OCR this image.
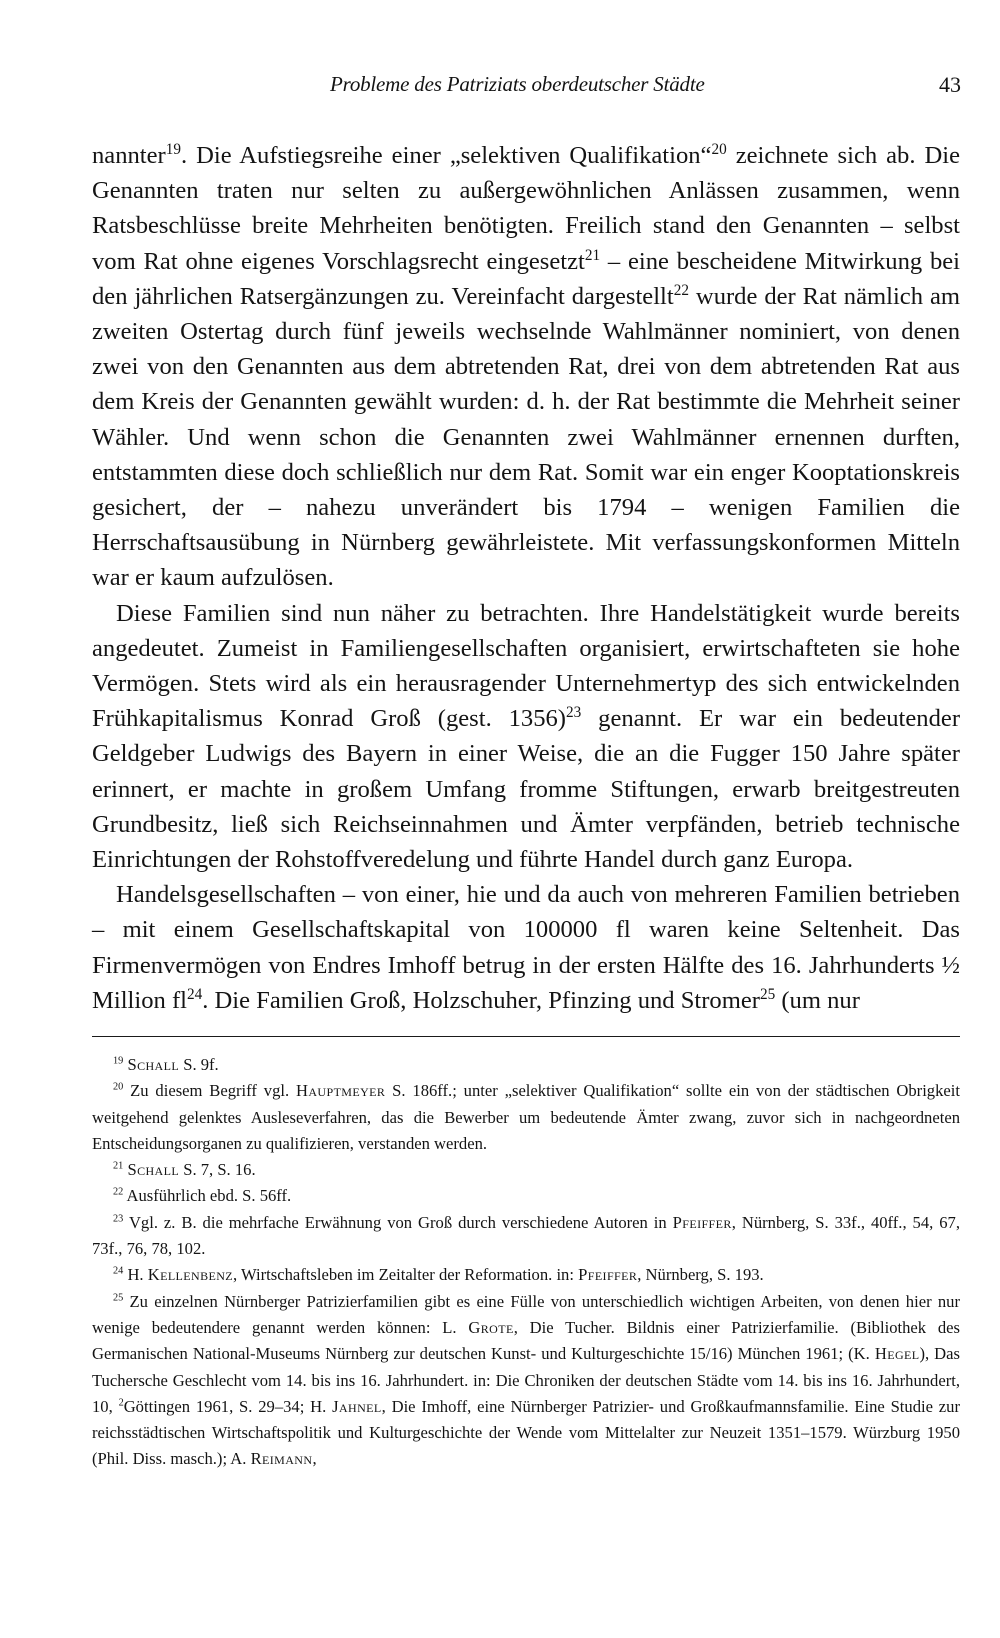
Probleme des Patriziats oberdeutscher Städte	43

nannter$^{19}$. Die Aufstiegsreihe einer „selektiven Qualifikation“$^{20}$ zeichnete sich ab. Die Genannten traten nur selten zu außergewöhnlichen Anlässen zusammen, wenn Ratsbeschlüsse breite Mehrheiten benötigten. Freilich stand den Genannten – selbst vom Rat ohne eigenes Vorschlagsrecht eingesetzt$^{21}$ – eine bescheidene Mitwirkung bei den jährlichen Ratsergänzungen zu. Vereinfacht dargestellt$^{22}$ wurde der Rat nämlich am zweiten Ostertag durch fünf jeweils wechselnde Wahlmänner nominiert, von denen zwei von den Genannten aus dem abtretenden Rat, drei von dem abtretenden Rat aus dem Kreis der Genannten gewählt wurden: d. h. der Rat bestimmte die Mehrheit seiner Wähler. Und wenn schon die Genannten zwei Wahlmänner ernennen durften, entstammten diese doch schließlich nur dem Rat. Somit war ein enger Kooptationskreis gesichert, der – nahezu unverändert bis 1794 – wenigen Familien die Herrschaftsausübung in Nürnberg gewährleistete. Mit verfassungskonformen Mitteln war er kaum aufzulösen.

Diese Familien sind nun näher zu betrachten. Ihre Handelstätigkeit wurde bereits angedeutet. Zumeist in Familiengesellschaften organisiert, erwirtschafteten sie hohe Vermögen. Stets wird als ein herausragender Unternehmertyp des sich entwickelnden Frühkapitalismus Konrad Groß (gest. 1356)$^{23}$ genannt. Er war ein bedeutender Geldgeber Ludwigs des Bayern in einer Weise, die an die Fugger 150 Jahre später erinnert, er machte in großem Umfang fromme Stiftungen, erwarb breitgestreuten Grundbesitz, ließ sich Reichseinnahmen und Ämter verpfänden, betrieb technische Einrichtungen der Rohstoffveredelung und führte Handel durch ganz Europa.

Handelsgesellschaften – von einer, hie und da auch von mehreren Familien betrieben – mit einem Gesellschaftskapital von 100000 fl waren keine Seltenheit. Das Firmenvermögen von Endres Imhoff betrug in der ersten Hälfte des 16. Jahrhunderts ½ Million $fl^{24}$. Die Familien Groß, Holzschuher, Pfinzing und Stromer$^{25}$ (um nur

$^{19}$ Schall S. 9f.

$^{20}$ Zu diesem Begriff vgl. Hauptmeyer S. 186ff.; unter „selektiver Qualifikation“ sollte ein von der städtischen Obrigkeit weitgehend gelenktes Ausleseverfahren, das die Bewerber um bedeutende Ämter zwang, zuvor sich in nachgeordneten Entscheidungsorganen zu qualifizieren, verstanden werden.

$^{21}$ Schall S. 7, S. 16.

$^{22}$ Ausführlich ebd. S. 56ff.

$^{23}$ Vgl. z. B. die mehrfache Erwähnung von Groß durch verschiedene Autoren in Pfeiffer, Nürnberg, S. 33f., 40ff., 54, 67, 73f., 76, 78, 102.

$^{24}$ H. Kellenbenz, Wirtschaftsleben im Zeitalter der Reformation. in: Pfeiffer, Nürnberg, S. 193.

$^{25}$ Zu einzelnen Nürnberger Patrizierfamilien gibt es eine Fülle von unterschiedlich wichtigen Arbeiten, von denen hier nur wenige bedeutendere genannt werden können: L. Grote, Die Tucher. Bildnis einer Patrizierfamilie. (Bibliothek des Germanischen National-Museums Nürnberg zur deutschen Kunst- und Kulturgeschichte 15/16) München 1961; (K. Hegel), Das Tuchersche Geschlecht vom 14. bis ins 16. Jahrhundert. in: Die Chroniken der deutschen Städte vom 14. bis ins 16. Jahrhundert, 10, $^2$Göttingen 1961, S. 29–34; H. Jahnel, Die Imhoff, eine Nürnberger Patrizier- und Großkaufmannsfamilie. Eine Studie zur reichsstädtischen Wirtschaftspolitik und Kulturgeschichte der Wende vom Mittelalter zur Neuzeit 1351–1579. Würzburg 1950 (Phil. Diss. masch.); A. Reimann,
